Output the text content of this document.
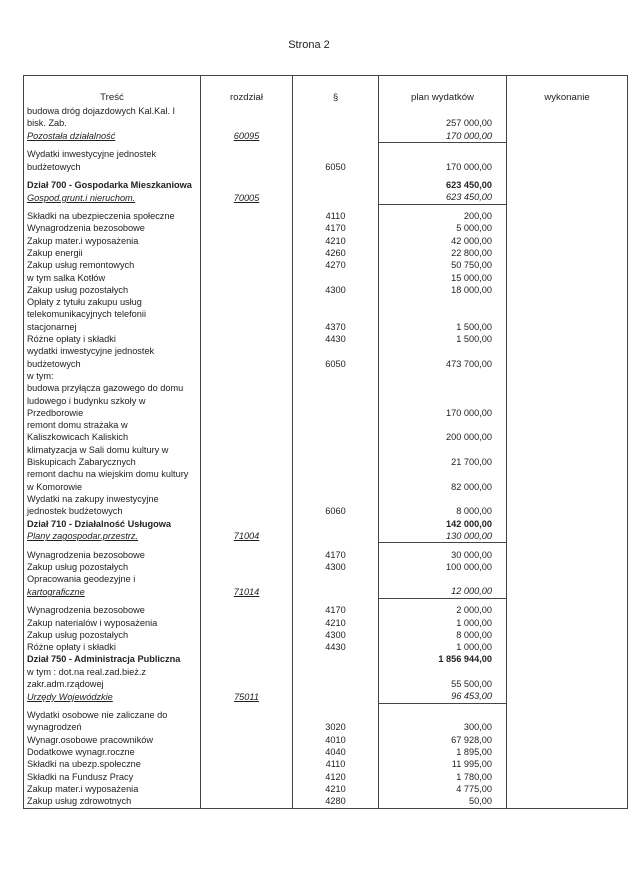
Strona 2
Treść	rozdział	§	plan wydatków	wykonanie
budowa dróg dojazdowych Kal.Kal. I				
bisk. Zab.			257 000,00	
Pozostała działalność	60095		170 000,00	

Wydatki inwestycyjne jednostek				
budżetowych		6050	170 000,00	

Dział 700 - Gospodarka Mieszkaniowa			623 450,00	
Gospod.grunt.i nieruchom.	70005		623 450,00	

Składki na ubezpieczenia społeczne		4110	200,00	
Wynagrodzenia bezosobowe		4170	5 000,00	
Zakup mater.i wyposażenia		4210	42 000,00	
Zakup energii		4260	22 800,00	
Zakup usług remontowych		4270	50 750,00	
w tym salka Kotłów			15 000,00	
Zakup usług pozostałych		4300	18 000,00	
Opłaty z tytułu zakupu usług				
telekomunikacyjnych telefonii				
stacjonarnej		4370	1 500,00	
Różne opłaty i składki		4430	1 500,00	
wydatki inwestycyjne jednostek				
budżetowych		6050	473 700,00	
w tym:				
budowa przyłącza gazowego do domu				
ludowego i budynku szkoły w				
Przedborowie			170 000,00	
remont domu strażaka w				
Kaliszkowicach Kaliskich			200 000,00	
klimatyzacja w Sali domu kultury w				
Biskupicach Zabarycznych			21 700,00	
remont dachu na wiejskim domu kultury				
w Komorowie			82 000,00	
Wydatki na zakupy inwestycyjne				
jednostek budżetowych		6060	8 000,00	
Dział 710 - Działalność Usługowa			142 000,00	
Plany zagospodar.przestrz.	71004		130 000,00	

Wynagrodzenia bezosobowe		4170	30 000,00	
Zakup usług pozostałych		4300	100 000,00	
Opracowania geodezyjne i				
kartograficzne	71014		12 000,00	

Wynagrodzenia bezosobowe		4170	2 000,00	
Zakup naterialów i wyposażenia		4210	1 000,00	
Zakup usług pozostałych		4300	8 000,00	
Różne opłaty i składki		4430	1 000,00	
Dział 750 - Administracja Publiczna			1 856 944,00	
w tym : dot.na real.zad.bież.z				
zakr.adm.rządowej			55 500,00	
Urzędy Wojewódzkie	75011		96 453,00	

Wydatki osobowe nie zaliczane do				
wynagrodzeń		3020	300,00	
Wynagr.osobowe pracowników		4010	67 928,00	
Dodatkowe wynagr.roczne		4040	1 895,00	
Składki na ubezp.społeczne		4110	11 995,00	
Składki na Fundusz Pracy		4120	1 780,00	
Zakup mater.i wyposażenia		4210	4 775,00	
Zakup usług zdrowotnych		4280	50,00	
